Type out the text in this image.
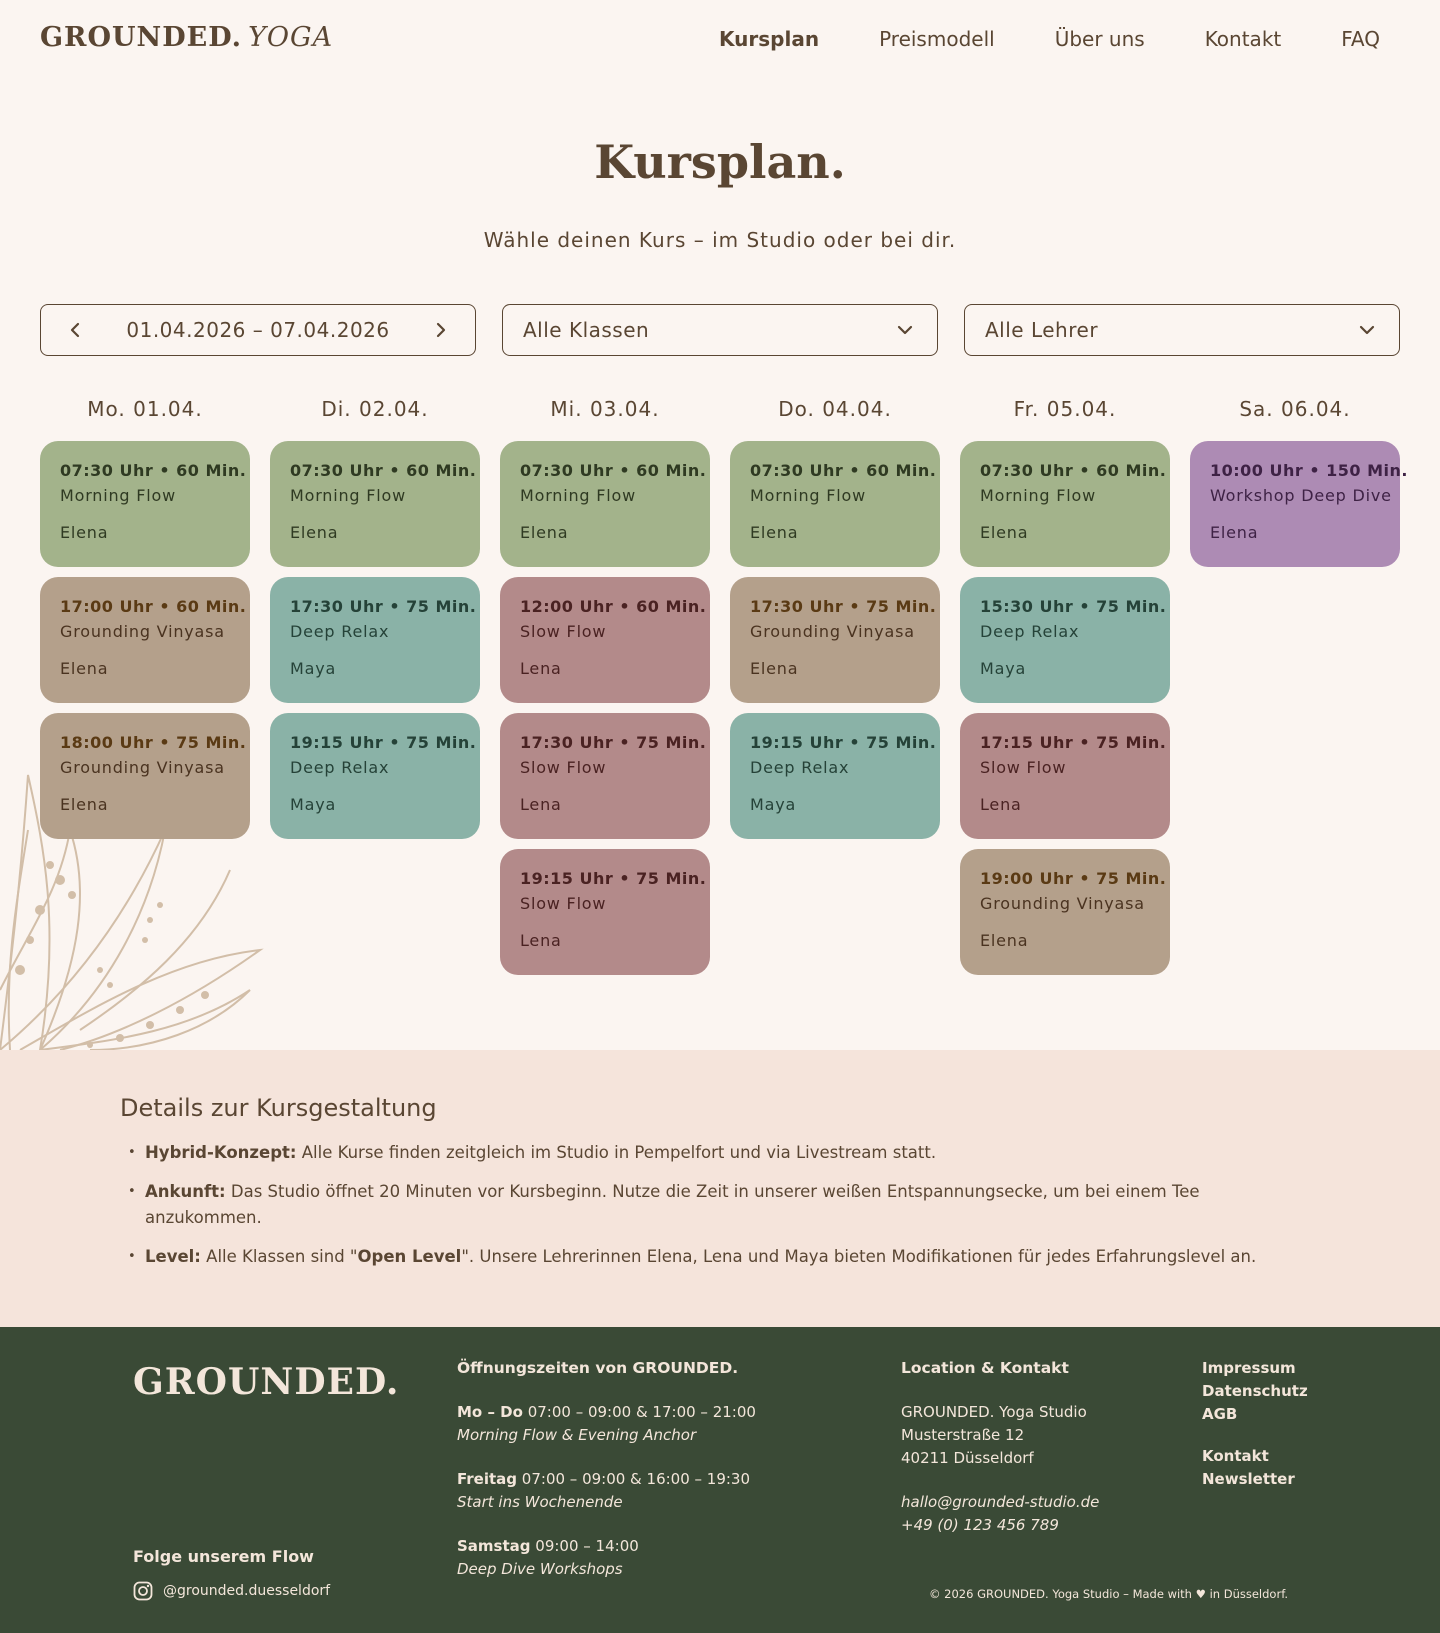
GROUNDED. YOGA	Kursplan	Preismodell	Über uns	Kontakt	FAQ
Kursplan.

Wähle deinen Kurs – im Studio oder bei dir.

01.04.2026 – 07.04.2026	Alle Klassen	Alle Lehrer
Mo. 01.04.
07:30 Uhr • 60 Min.
Morning Flow
Elena
17:00 Uhr • 60 Min.
Grounding Vinyasa
Elena
18:00 Uhr • 75 Min.
Grounding Vinyasa
Elena
Di. 02.04.
07:30 Uhr • 60 Min.
Morning Flow
Elena
17:30 Uhr • 75 Min.
Deep Relax
Maya
19:15 Uhr • 75 Min.
Deep Relax
Maya
Mi. 03.04.
07:30 Uhr • 60 Min.
Morning Flow
Elena
12:00 Uhr • 60 Min.
Slow Flow
Lena
17:30 Uhr • 75 Min.
Slow Flow
Lena
19:15 Uhr • 75 Min.
Slow Flow
Lena
Do. 04.04.
07:30 Uhr • 60 Min.
Morning Flow
Elena
17:30 Uhr • 75 Min.
Grounding Vinyasa
Elena
19:15 Uhr • 75 Min.
Deep Relax
Maya
Fr. 05.04.
07:30 Uhr • 60 Min.
Morning Flow
Elena
15:30 Uhr • 75 Min.
Deep Relax
Maya
17:15 Uhr • 75 Min.
Slow Flow
Lena
19:00 Uhr • 75 Min.
Grounding Vinyasa
Elena
Sa. 06.04.
10:00 Uhr • 150 Min.
Workshop Deep Dive
Elena
Details zur Kursgestaltung
• Hybrid-Konzept: Alle Kurse finden zeitgleich im Studio in Pempelfort und via Livestream statt.
• Ankunft: Das Studio öffnet 20 Minuten vor Kursbeginn. Nutze die Zeit in unserer weißen Entspannungsecke, um bei einem Tee anzukommen.
• Level: Alle Klassen sind "Open Level". Unsere Lehrerinnen Elena, Lena und Maya bieten Modifikationen für jedes Erfahrungslevel an.
GROUNDED.
Folge unserem Flow
@grounded.duesseldorf
Öffnungszeiten von GROUNDED.
Mo – Do 07:00 – 09:00 & 17:00 – 21:00
Morning Flow & Evening Anchor
Freitag 07:00 – 09:00 & 16:00 – 19:30
Start ins Wochenende
Samstag 09:00 – 14:00
Deep Dive Workshops
Location & Kontakt
GROUNDED. Yoga Studio
Musterstraße 12
40211 Düsseldorf
hallo@grounded-studio.de
+49 (0) 123 456 789
Impressum
Datenschutz
AGB
Kontakt
Newsletter
© 2026 GROUNDED. Yoga Studio – Made with ♥ in Düsseldorf.
